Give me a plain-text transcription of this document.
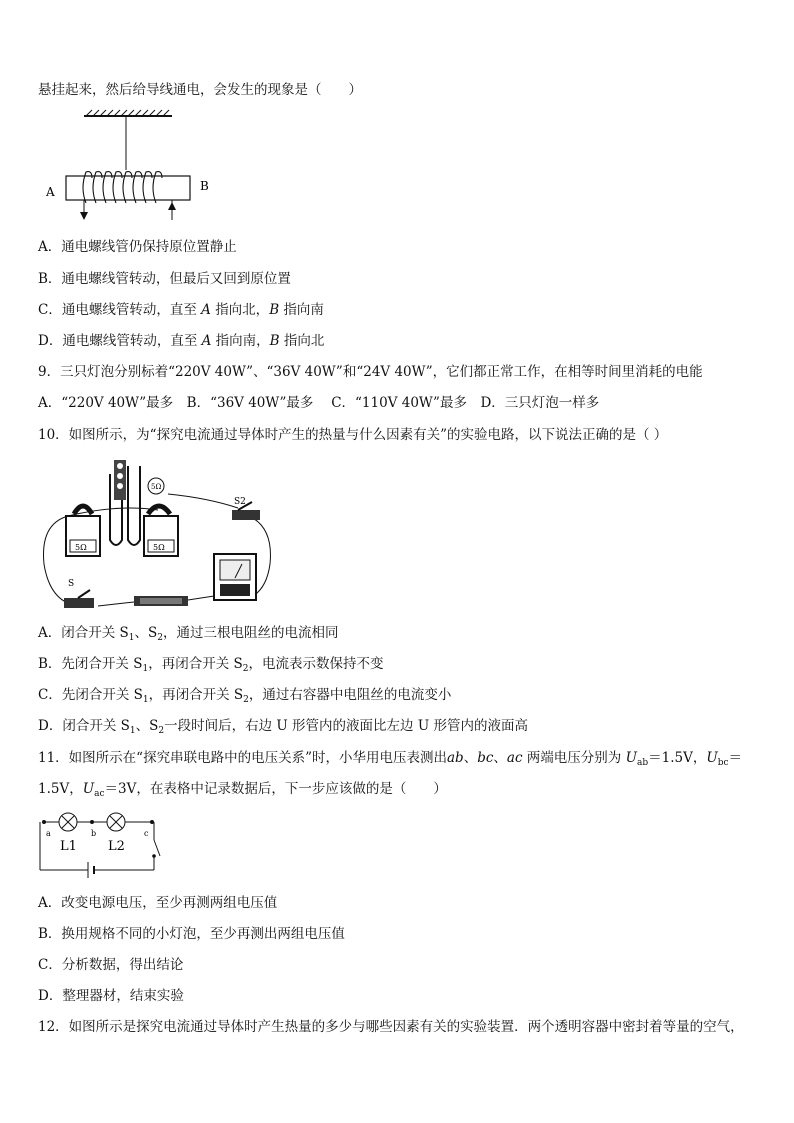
悬挂起来，然后给导线通电，会发生的现象是（　　）
A	B
A．通电螺线管仍保持原位置静止
B．通电螺线管转动，但最后又回到原位置
C．通电螺线管转动，直至 A 指向北，B 指向南
D．通电螺线管转动，直至 A 指向南，B 指向北
9．三只灯泡分别标着“220V 40W”、“36V 40W”和“24V 40W”，它们都正常工作，在相等时间里消耗的电能
A．“220V 40W”最多　B．“36V 40W”最多　 C．“110V 40W”最多　D．三只灯泡一样多
10．如图所示，为“探究电流通过导体时产生的热量与什么因素有关”的实验电路，以下说法正确的是（ ）
5Ω	5Ω
5Ω
S2
S
A．闭合开关 $S_1$、$S_2$，通过三根电阻丝的电流相同
B．先闭合开关 $S_1$，再闭合开关 $S_2$，电流表示数保持不变
C．先闭合开关 $S_1$，再闭合开关 $S_2$，通过右容器中电阻丝的电流变小
D．闭合开关 $S_1$、$S_2$一段时间后，右边 U 形管内的液面比左边 U 形管内的液面高
11．如图所示在“探究串联电路中的电压关系”时，小华用电压表测出ab、bc、ac 两端电压分别为 $U_{ab}=1.5V$，$U_{bc}=$
1.5V，$U_{ac}=3V$，在表格中记录数据后，下一步应该做的是（　　）
a	b	c
L1 L2
A．改变电源电压，至少再测两组电压值
B．换用规格不同的小灯泡，至少再测出两组电压值
C．分析数据，得出结论
D．整理器材，结束实验
12．如图所示是探究电流通过导体时产生热量的多少与哪些因素有关的实验装置．两个透明容器中密封着等量的空气，
